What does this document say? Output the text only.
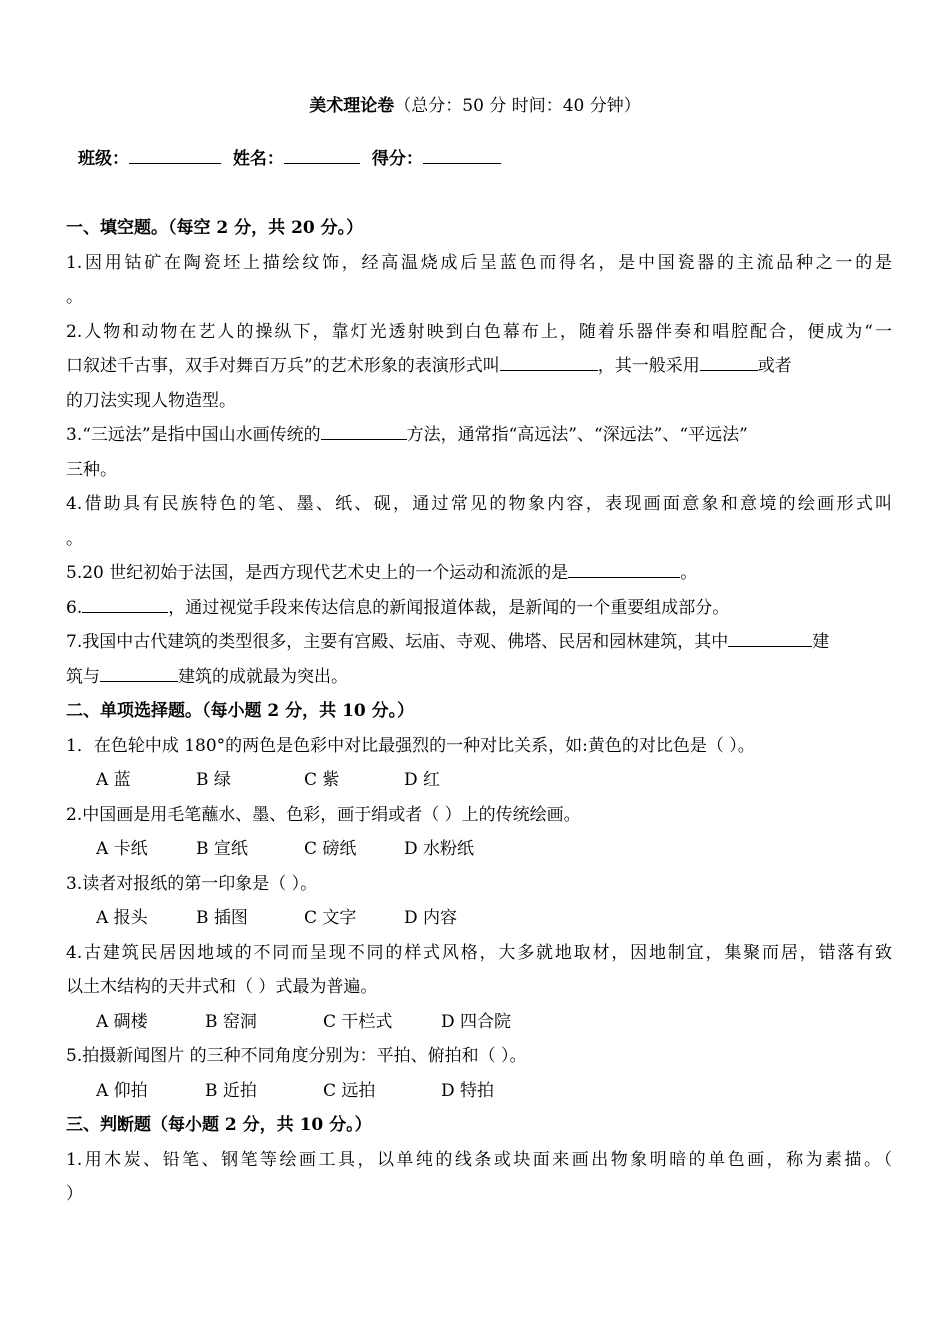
美术理论卷（总分：50 分 时间：40 分钟）
班级：	姓名：	得分：
一、填空题。（每空 2 分，共 20 分。）
1.因用钴矿在陶瓷坯上描绘纹饰，经高温烧成后呈蓝色而得名，是中国瓷器的主流品种之一的是
。
2.人物和动物在艺人的操纵下，靠灯光透射映到白色幕布上，随着乐器伴奏和唱腔配合，便成为“一
口叙述千古事，双手对舞百万兵”的艺术形象的表演形式叫	，其一般采用	或者
的刀法实现人物造型。
3.“三远法”是指中国山水画传统的	方法，通常指“高远法”、“深远法”、“平远法”
三种。
4.借助具有民族特色的笔、墨、纸、砚，通过常见的物象内容，表现画面意象和意境的绘画形式叫
。
5.20 世纪初始于法国，是西方现代艺术史上的一个运动和流派的是	。
6.	，通过视觉手段来传达信息的新闻报道体裁，是新闻的一个重要组成部分。
7.我国中古代建筑的类型很多，主要有宫殿、坛庙、寺观、佛塔、民居和园林建筑，其中	建
筑与	建筑的成就最为突出。
二、单项选择题。（每小题 2 分，共 10 分。）
1．在色轮中成 180°的两色是色彩中对比最强烈的一种对比关系，如:黄色的对比色是（ ）。
A 蓝	B 绿	C 紫	D 红
2.中国画是用毛笔蘸水、墨、色彩，画于绢或者（ ）上的传统绘画。
A 卡纸	B 宣纸	C 磅纸	D 水粉纸
3.读者对报纸的第一印象是（ ）。
A 报头	B 插图	C 文字	D 内容
4.古建筑民居因地域的不同而呈现不同的样式风格，大多就地取材，因地制宜，集聚而居，错落有致
以土木结构的天井式和（ ）式最为普遍。
A 碉楼	B 窑洞	C 干栏式	D 四合院
5.拍摄新闻图片 的三种不同角度分别为：平拍、俯拍和（ ）。
A 仰拍	B 近拍	C 远拍	D 特拍
三、判断题（每小题 2 分，共 10 分。）
1.用木炭、铅笔、钢笔等绘画工具，以单纯的线条或块面来画出物象明暗的单色画，称为素描。（
）
